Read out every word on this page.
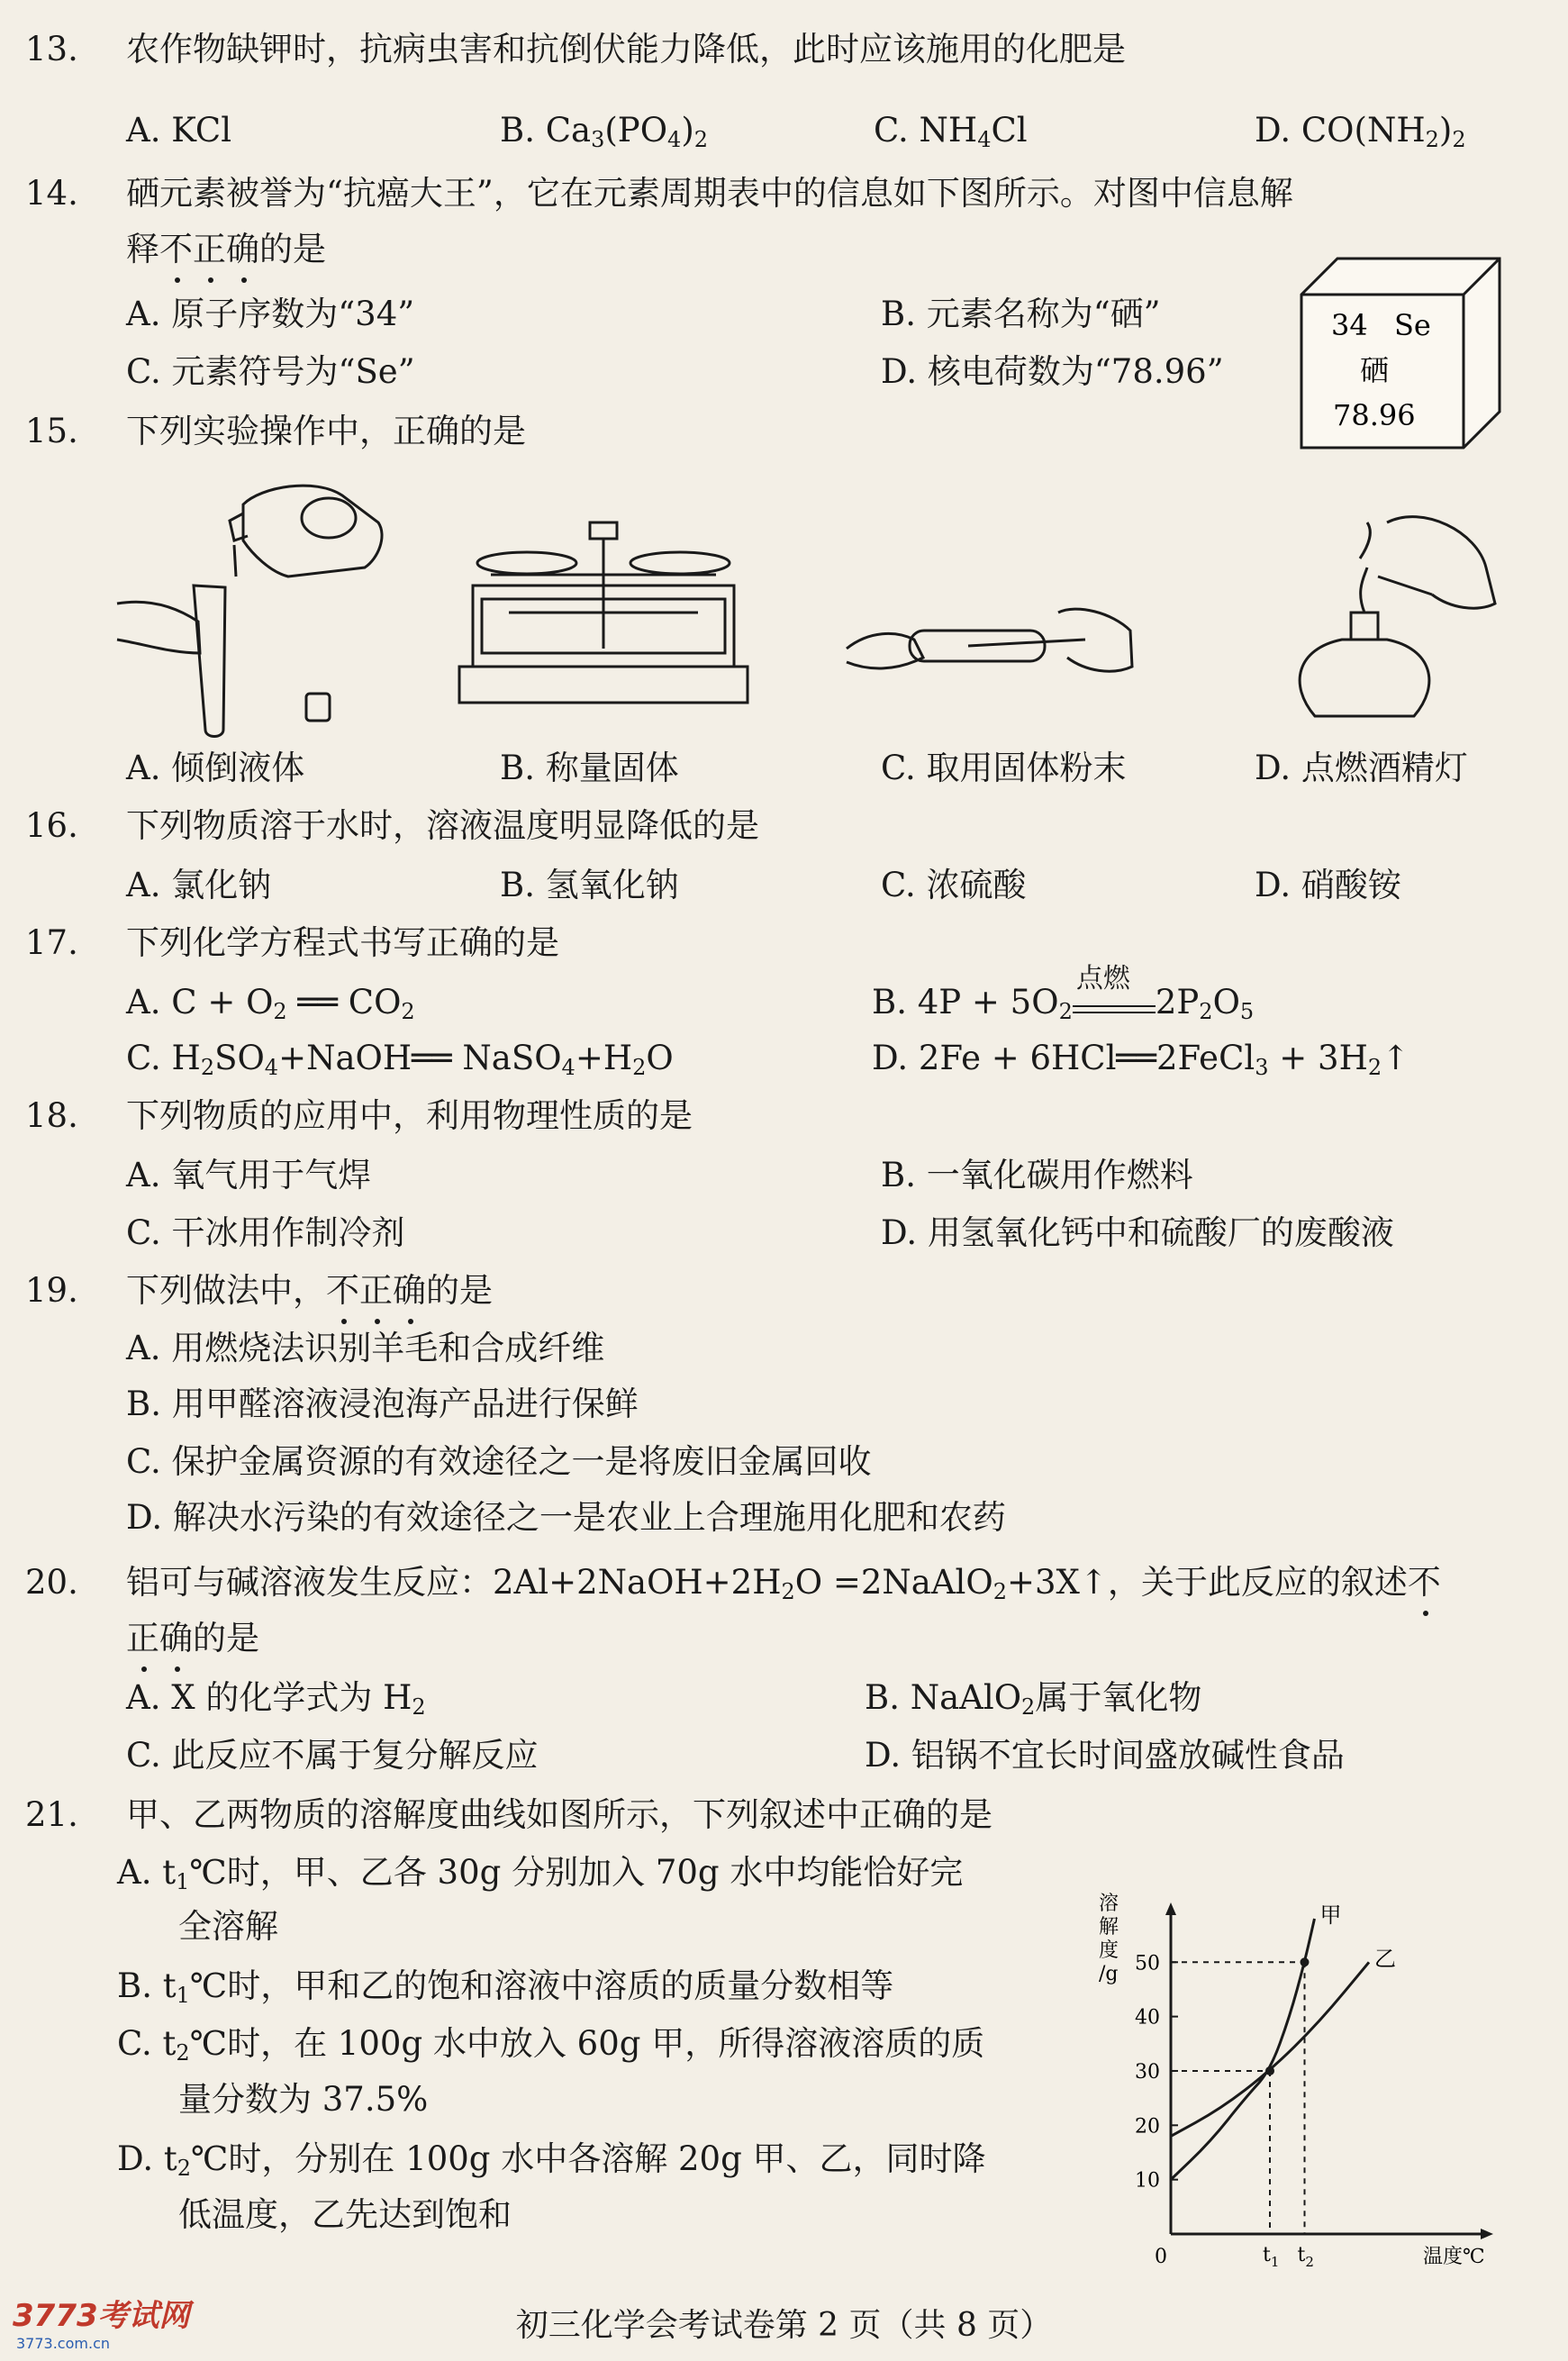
13. 农作物缺钾时，抗病虫害和抗倒伏能力降低，此时应该施用的化肥是
A. KCl	B. $Ca_3(PO_4)_2$	C. $NH_4Cl$	D. $CO(NH_2)_2$
14. 硒元素被誉为“抗癌大王”，它在元素周期表中的信息如下图所示。对图中信息解
释不正确的是
A. 原子序数为“34”	B. 元素名称为“硒”
C. 元素符号为“Se”	D. 核电荷数为“78.96”
34 Se
硒
78.96
15. 下列实验操作中，正确的是
A. 倾倒液体	B. 称量固体	C. 取用固体粉末	D. 点燃酒精灯
16. 下列物质溶于水时，溶液温度明显降低的是
A. 氯化钠	B. 氢氧化钠	C. 浓硫酸	D. 硝酸铵
17. 下列化学方程式书写正确的是
A. $C + O_2$ ══ $CO_2$	B. $4P + 5O_2$
点燃
$2P_2O_5$
C. $H_2SO_4+NaOH══$ $NaSO_4+H_2O$	D. 2Fe + 6HCl══2FeCl$_3$ + $3H_2↑$
18. 下列物质的应用中，利用物理性质的是
A. 氧气用于气焊	B. 一氧化碳用作燃料
C. 干冰用作制冷剂	D. 用氢氧化钙中和硫酸厂的废酸液
19. 下列做法中，不正确的是
A. 用燃烧法识别羊毛和合成纤维
B. 用甲醛溶液浸泡海产品进行保鲜
C. 保护金属资源的有效途径之一是将废旧金属回收
D. 解决水污染的有效途径之一是农业上合理施用化肥和农药
20. 铝可与碱溶液发生反应：$2Al+2NaOH+2H_2O$ =2NaAlO$_2$+3X↑，关于此反应的叙述不
正确的是
A. X 的化学式为 $H_2$	B. NaAlO$_2$属于氧化物
C. 此反应不属于复分解反应	D. 铝锅不宜长时间盛放碱性食品
21. 甲、乙两物质的溶解度曲线如图所示，下列叙述中正确的是
A. $t_1℃$时，甲、乙各 30g 分别加入 70g 水中均能恰好完
全溶解
B. $t_1℃$时，甲和乙的饱和溶液中溶质的质量分数相等
C. $t_2℃$时，在 100g 水中放入 60g 甲，所得溶液溶质的质
量分数为 37.5%
D. $t_2℃$时，分别在 100g 水中各溶解 20g 甲、乙，同时降
低温度，乙先达到饱和
溶
解
度
/g
温度℃
0
10
20
30
40
50
$t_1$ $t_2$
甲
乙
初三化学会考试卷第 2 页（共 8 页）
3773考试网
3773.com.cn
